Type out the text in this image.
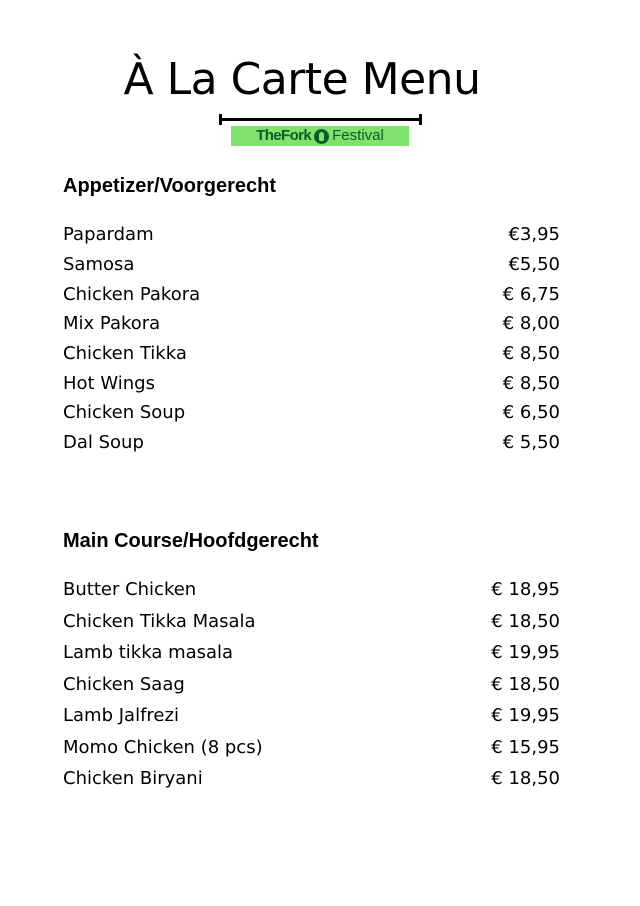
À La Carte Menu
TheFork Festival
Appetizer/Voorgerecht
Papardam	€3,95
Samosa	€5,50
Chicken Pakora	€ 6,75
Mix Pakora	€ 8,00
Chicken Tikka	€ 8,50
Hot Wings	€ 8,50
Chicken Soup	€ 6,50
Dal Soup	€ 5,50
Main Course/Hoofdgerecht
Butter Chicken	€ 18,95
Chicken Tikka Masala	€ 18,50
Lamb tikka masala	€ 19,95
Chicken Saag	€ 18,50
Lamb Jalfrezi	€ 19,95
Momo Chicken (8 pcs)	€ 15,95
Chicken Biryani	€ 18,50
